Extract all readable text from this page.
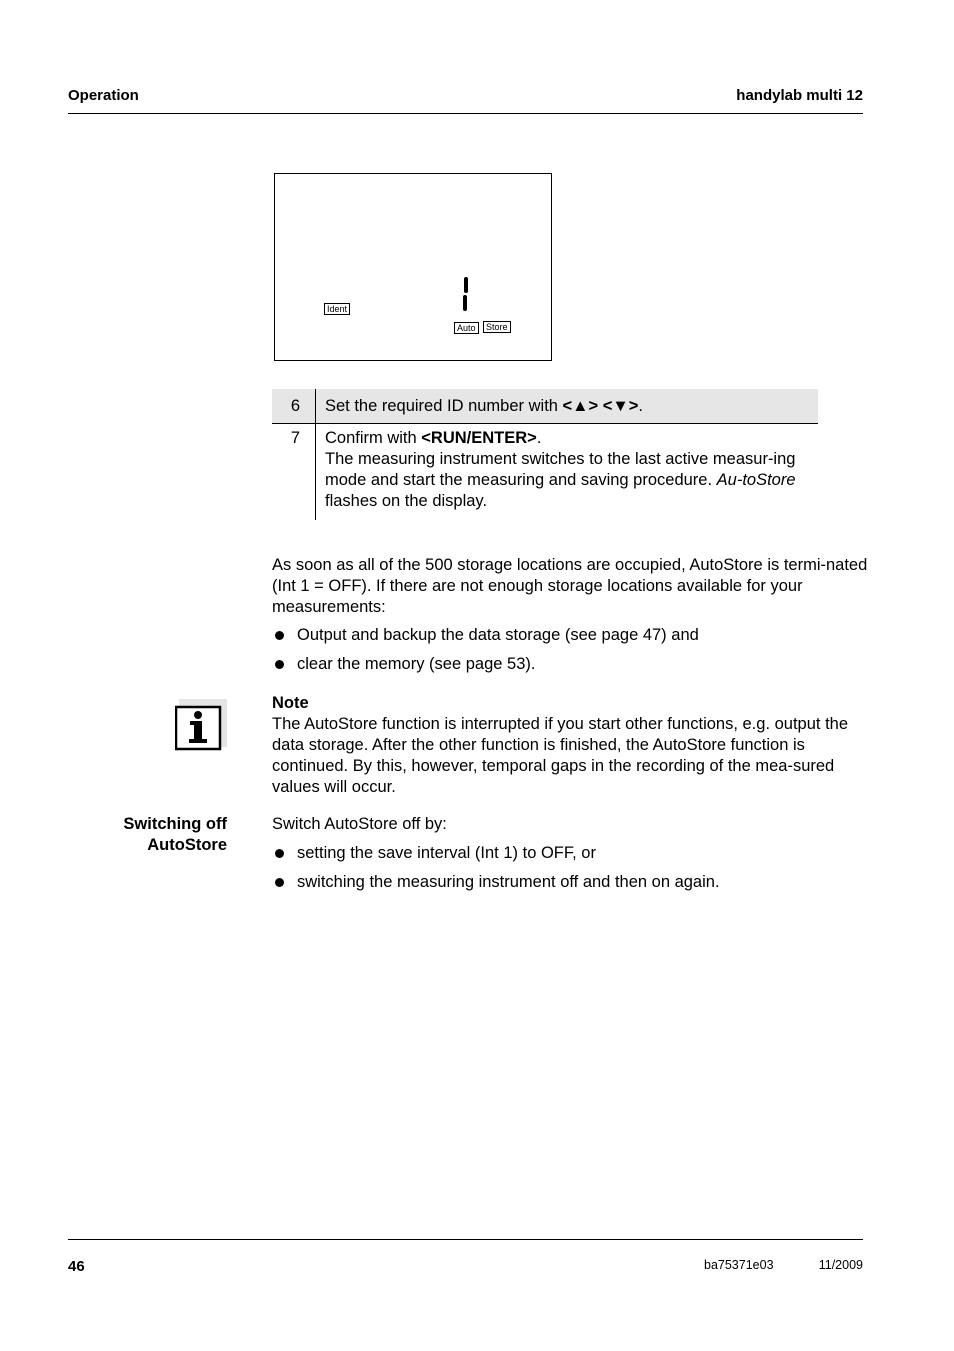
Operation	handylab multi 12
Ident
Auto	Store
6	Set the required ID number with <▲> <▼>.
7	Confirm with <RUN/ENTER>.
The measuring instrument switches to the last active measur-ing mode and start the measuring and saving procedure. Au-toStore flashes on the display.
As soon as all of the 500 storage locations are occupied, AutoStore is termi-nated (Int 1 = OFF). If there are not enough storage locations available for your measurements:
Output and backup the data storage (see page 47) and
clear the memory (see page 53).
Note
The AutoStore function is interrupted if you start other functions, e.g. output the data storage. After the other function is finished, the AutoStore function is continued. By this, however, temporal gaps in the recording of the mea-sured values will occur.
Switching off
AutoStore
Switch AutoStore off by:
setting the save interval (Int 1) to OFF, or
switching the measuring instrument off and then on again.
46	ba75371e03	11/2009
